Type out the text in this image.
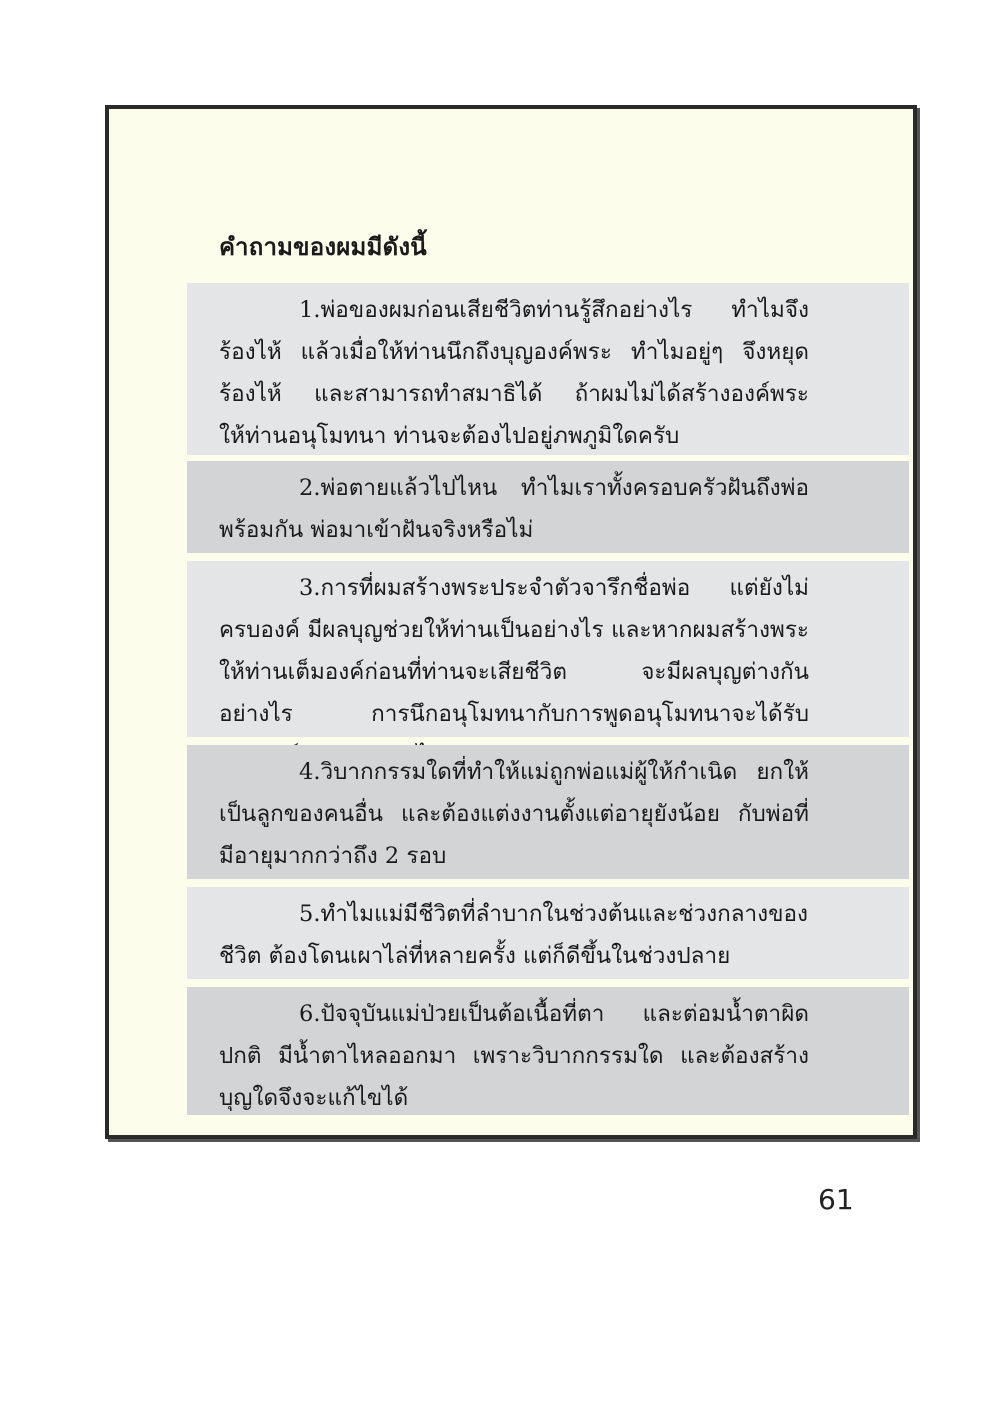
คำถามของผมมีดังนี้
1.พ่อของผมก่อนเสียชีวิตท่านรู้สึกอย่างไร ทำไมจึงร้องไห้ แล้วเมื่อให้ท่านนึกถึงบุญองค์พระ ทำไมอยู่ๆ จึงหยุดร้องไห้ และสามารถทำสมาธิได้ ถ้าผมไม่ได้สร้างองค์พระให้ท่านอนุโมทนา ท่านจะต้องไปอยู่ภพภูมิใดครับ
2.พ่อตายแล้วไปไหน ทำไมเราทั้งครอบครัวฝันถึงพ่อพร้อมกัน พ่อมาเข้าฝันจริงหรือไม่
3.การที่ผมสร้างพระประจำตัวจารึกชื่อพ่อ แต่ยังไม่ครบองค์ มีผลบุญช่วยให้ท่านเป็นอย่างไร และหากผมสร้างพระให้ท่านเต็มองค์ก่อนที่ท่านจะเสียชีวิต จะมีผลบุญต่างกันอย่างไร การนึกอนุโมทนากับการพูดอนุโมทนาจะได้รับ
4.วิบากกรรมใดที่ทำให้แม่ถูกพ่อแม่ผู้ให้กำเนิด ยกให้เป็นลูกของคนอื่น และต้องแต่งงานตั้งแต่อายุยังน้อย กับพ่อที่มีอายุมากกว่าถึง 2 รอบ
5.ทำไมแม่มีชีวิตที่ลำบากในช่วงต้นและช่วงกลางของชีวิต ต้องโดนเผาไล่ที่หลายครั้ง แต่ก็ดีขึ้นในช่วงปลาย
6.ปัจจุบันแม่ป่วยเป็นต้อเนื้อที่ตา และต่อมน้ำตาผิดปกติ มีน้ำตาไหลออกมา เพราะวิบากกรรมใด และต้องสร้างบุญใดจึงจะแก้ไขได้
61
